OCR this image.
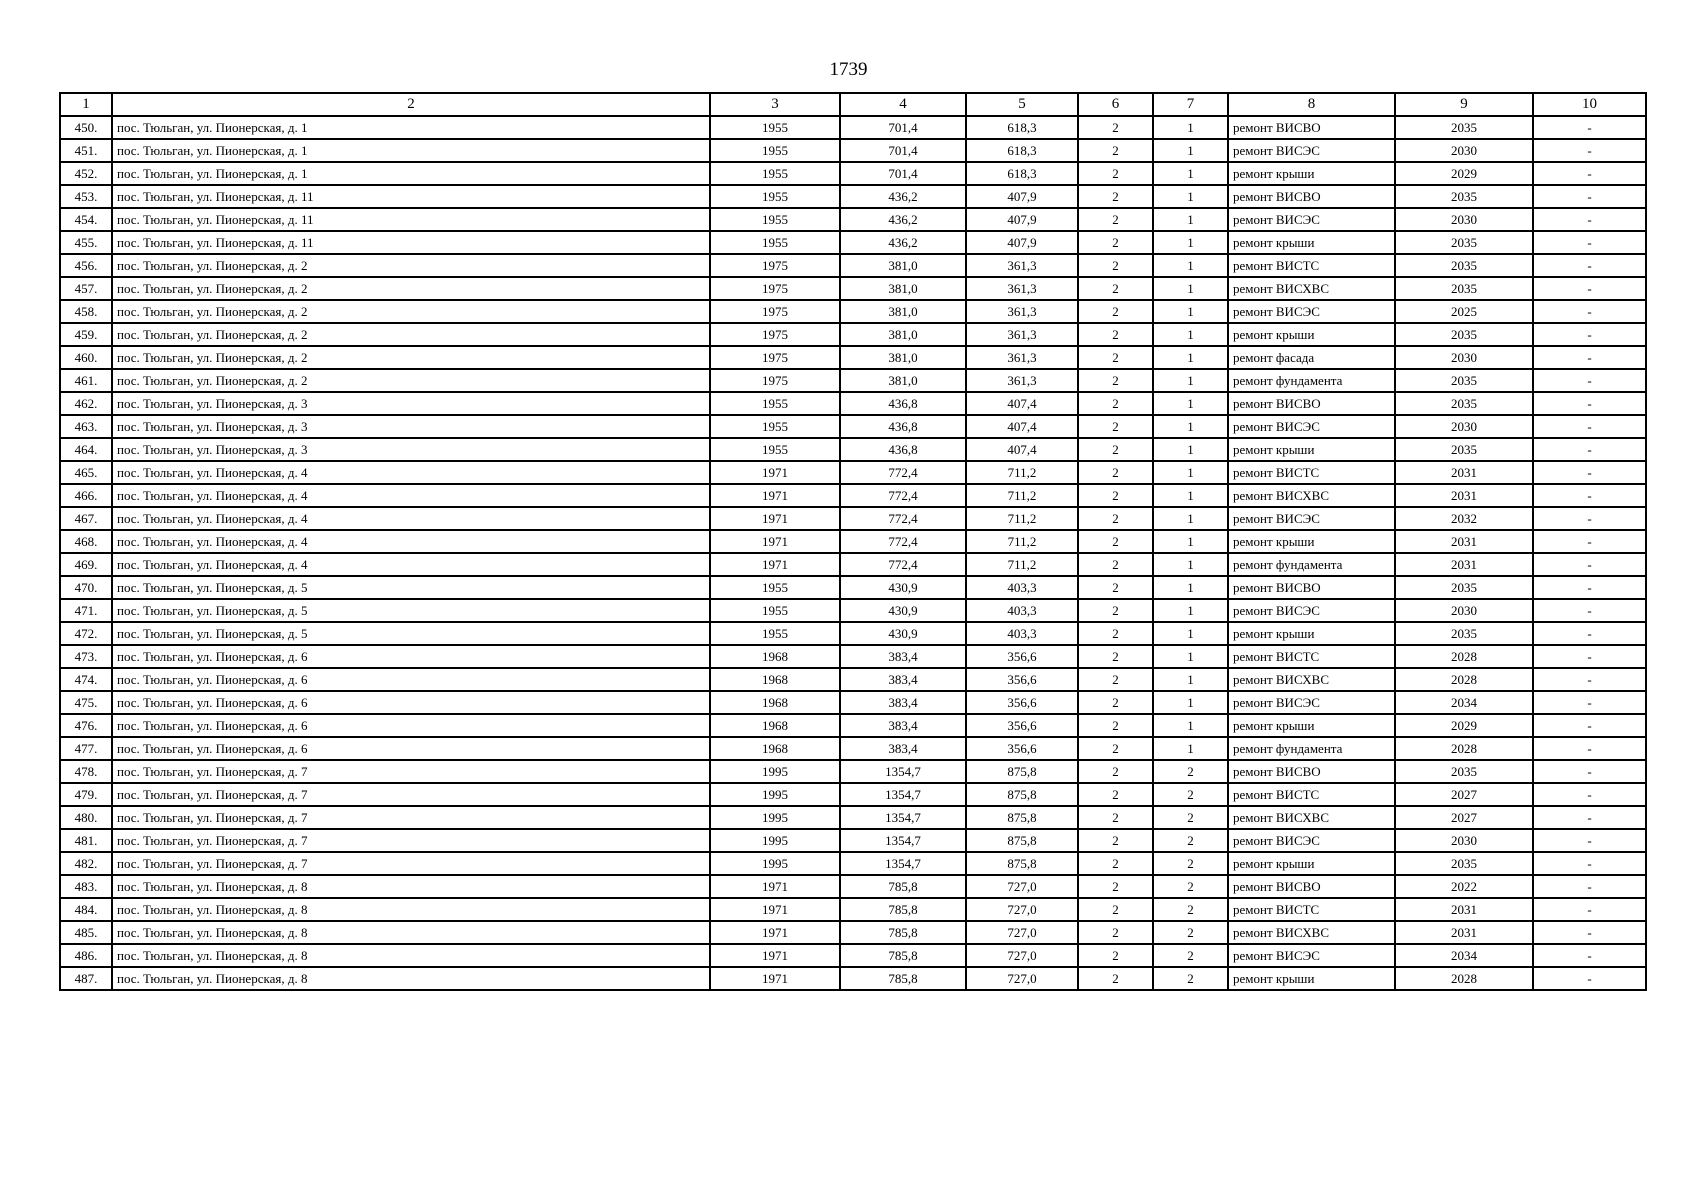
1739
1	2	3	4	5	6	7	8	9	10
450.	пос. Тюльган, ул. Пионерская, д. 1	1955	701,4	618,3	2	1	ремонт ВИСВО	2035	-
451.	пос. Тюльган, ул. Пионерская, д. 1	1955	701,4	618,3	2	1	ремонт ВИСЭС	2030	-
452.	пос. Тюльган, ул. Пионерская, д. 1	1955	701,4	618,3	2	1	ремонт крыши	2029	-
453.	пос. Тюльган, ул. Пионерская, д. 11	1955	436,2	407,9	2	1	ремонт ВИСВО	2035	-
454.	пос. Тюльган, ул. Пионерская, д. 11	1955	436,2	407,9	2	1	ремонт ВИСЭС	2030	-
455.	пос. Тюльган, ул. Пионерская, д. 11	1955	436,2	407,9	2	1	ремонт крыши	2035	-
456.	пос. Тюльган, ул. Пионерская, д. 2	1975	381,0	361,3	2	1	ремонт ВИСТС	2035	-
457.	пос. Тюльган, ул. Пионерская, д. 2	1975	381,0	361,3	2	1	ремонт ВИСХВС	2035	-
458.	пос. Тюльган, ул. Пионерская, д. 2	1975	381,0	361,3	2	1	ремонт ВИСЭС	2025	-
459.	пос. Тюльган, ул. Пионерская, д. 2	1975	381,0	361,3	2	1	ремонт крыши	2035	-
460.	пос. Тюльган, ул. Пионерская, д. 2	1975	381,0	361,3	2	1	ремонт фасада	2030	-
461.	пос. Тюльган, ул. Пионерская, д. 2	1975	381,0	361,3	2	1	ремонт фундамента	2035	-
462.	пос. Тюльган, ул. Пионерская, д. 3	1955	436,8	407,4	2	1	ремонт ВИСВО	2035	-
463.	пос. Тюльган, ул. Пионерская, д. 3	1955	436,8	407,4	2	1	ремонт ВИСЭС	2030	-
464.	пос. Тюльган, ул. Пионерская, д. 3	1955	436,8	407,4	2	1	ремонт крыши	2035	-
465.	пос. Тюльган, ул. Пионерская, д. 4	1971	772,4	711,2	2	1	ремонт ВИСТС	2031	-
466.	пос. Тюльган, ул. Пионерская, д. 4	1971	772,4	711,2	2	1	ремонт ВИСХВС	2031	-
467.	пос. Тюльган, ул. Пионерская, д. 4	1971	772,4	711,2	2	1	ремонт ВИСЭС	2032	-
468.	пос. Тюльган, ул. Пионерская, д. 4	1971	772,4	711,2	2	1	ремонт крыши	2031	-
469.	пос. Тюльган, ул. Пионерская, д. 4	1971	772,4	711,2	2	1	ремонт фундамента	2031	-
470.	пос. Тюльган, ул. Пионерская, д. 5	1955	430,9	403,3	2	1	ремонт ВИСВО	2035	-
471.	пос. Тюльган, ул. Пионерская, д. 5	1955	430,9	403,3	2	1	ремонт ВИСЭС	2030	-
472.	пос. Тюльган, ул. Пионерская, д. 5	1955	430,9	403,3	2	1	ремонт крыши	2035	-
473.	пос. Тюльган, ул. Пионерская, д. 6	1968	383,4	356,6	2	1	ремонт ВИСТС	2028	-
474.	пос. Тюльган, ул. Пионерская, д. 6	1968	383,4	356,6	2	1	ремонт ВИСХВС	2028	-
475.	пос. Тюльган, ул. Пионерская, д. 6	1968	383,4	356,6	2	1	ремонт ВИСЭС	2034	-
476.	пос. Тюльган, ул. Пионерская, д. 6	1968	383,4	356,6	2	1	ремонт крыши	2029	-
477.	пос. Тюльган, ул. Пионерская, д. 6	1968	383,4	356,6	2	1	ремонт фундамента	2028	-
478.	пос. Тюльган, ул. Пионерская, д. 7	1995	1354,7	875,8	2	2	ремонт ВИСВО	2035	-
479.	пос. Тюльган, ул. Пионерская, д. 7	1995	1354,7	875,8	2	2	ремонт ВИСТС	2027	-
480.	пос. Тюльган, ул. Пионерская, д. 7	1995	1354,7	875,8	2	2	ремонт ВИСХВС	2027	-
481.	пос. Тюльган, ул. Пионерская, д. 7	1995	1354,7	875,8	2	2	ремонт ВИСЭС	2030	-
482.	пос. Тюльган, ул. Пионерская, д. 7	1995	1354,7	875,8	2	2	ремонт крыши	2035	-
483.	пос. Тюльган, ул. Пионерская, д. 8	1971	785,8	727,0	2	2	ремонт ВИСВО	2022	-
484.	пос. Тюльган, ул. Пионерская, д. 8	1971	785,8	727,0	2	2	ремонт ВИСТС	2031	-
485.	пос. Тюльган, ул. Пионерская, д. 8	1971	785,8	727,0	2	2	ремонт ВИСХВС	2031	-
486.	пос. Тюльган, ул. Пионерская, д. 8	1971	785,8	727,0	2	2	ремонт ВИСЭС	2034	-
487.	пос. Тюльган, ул. Пионерская, д. 8	1971	785,8	727,0	2	2	ремонт крыши	2028	-
